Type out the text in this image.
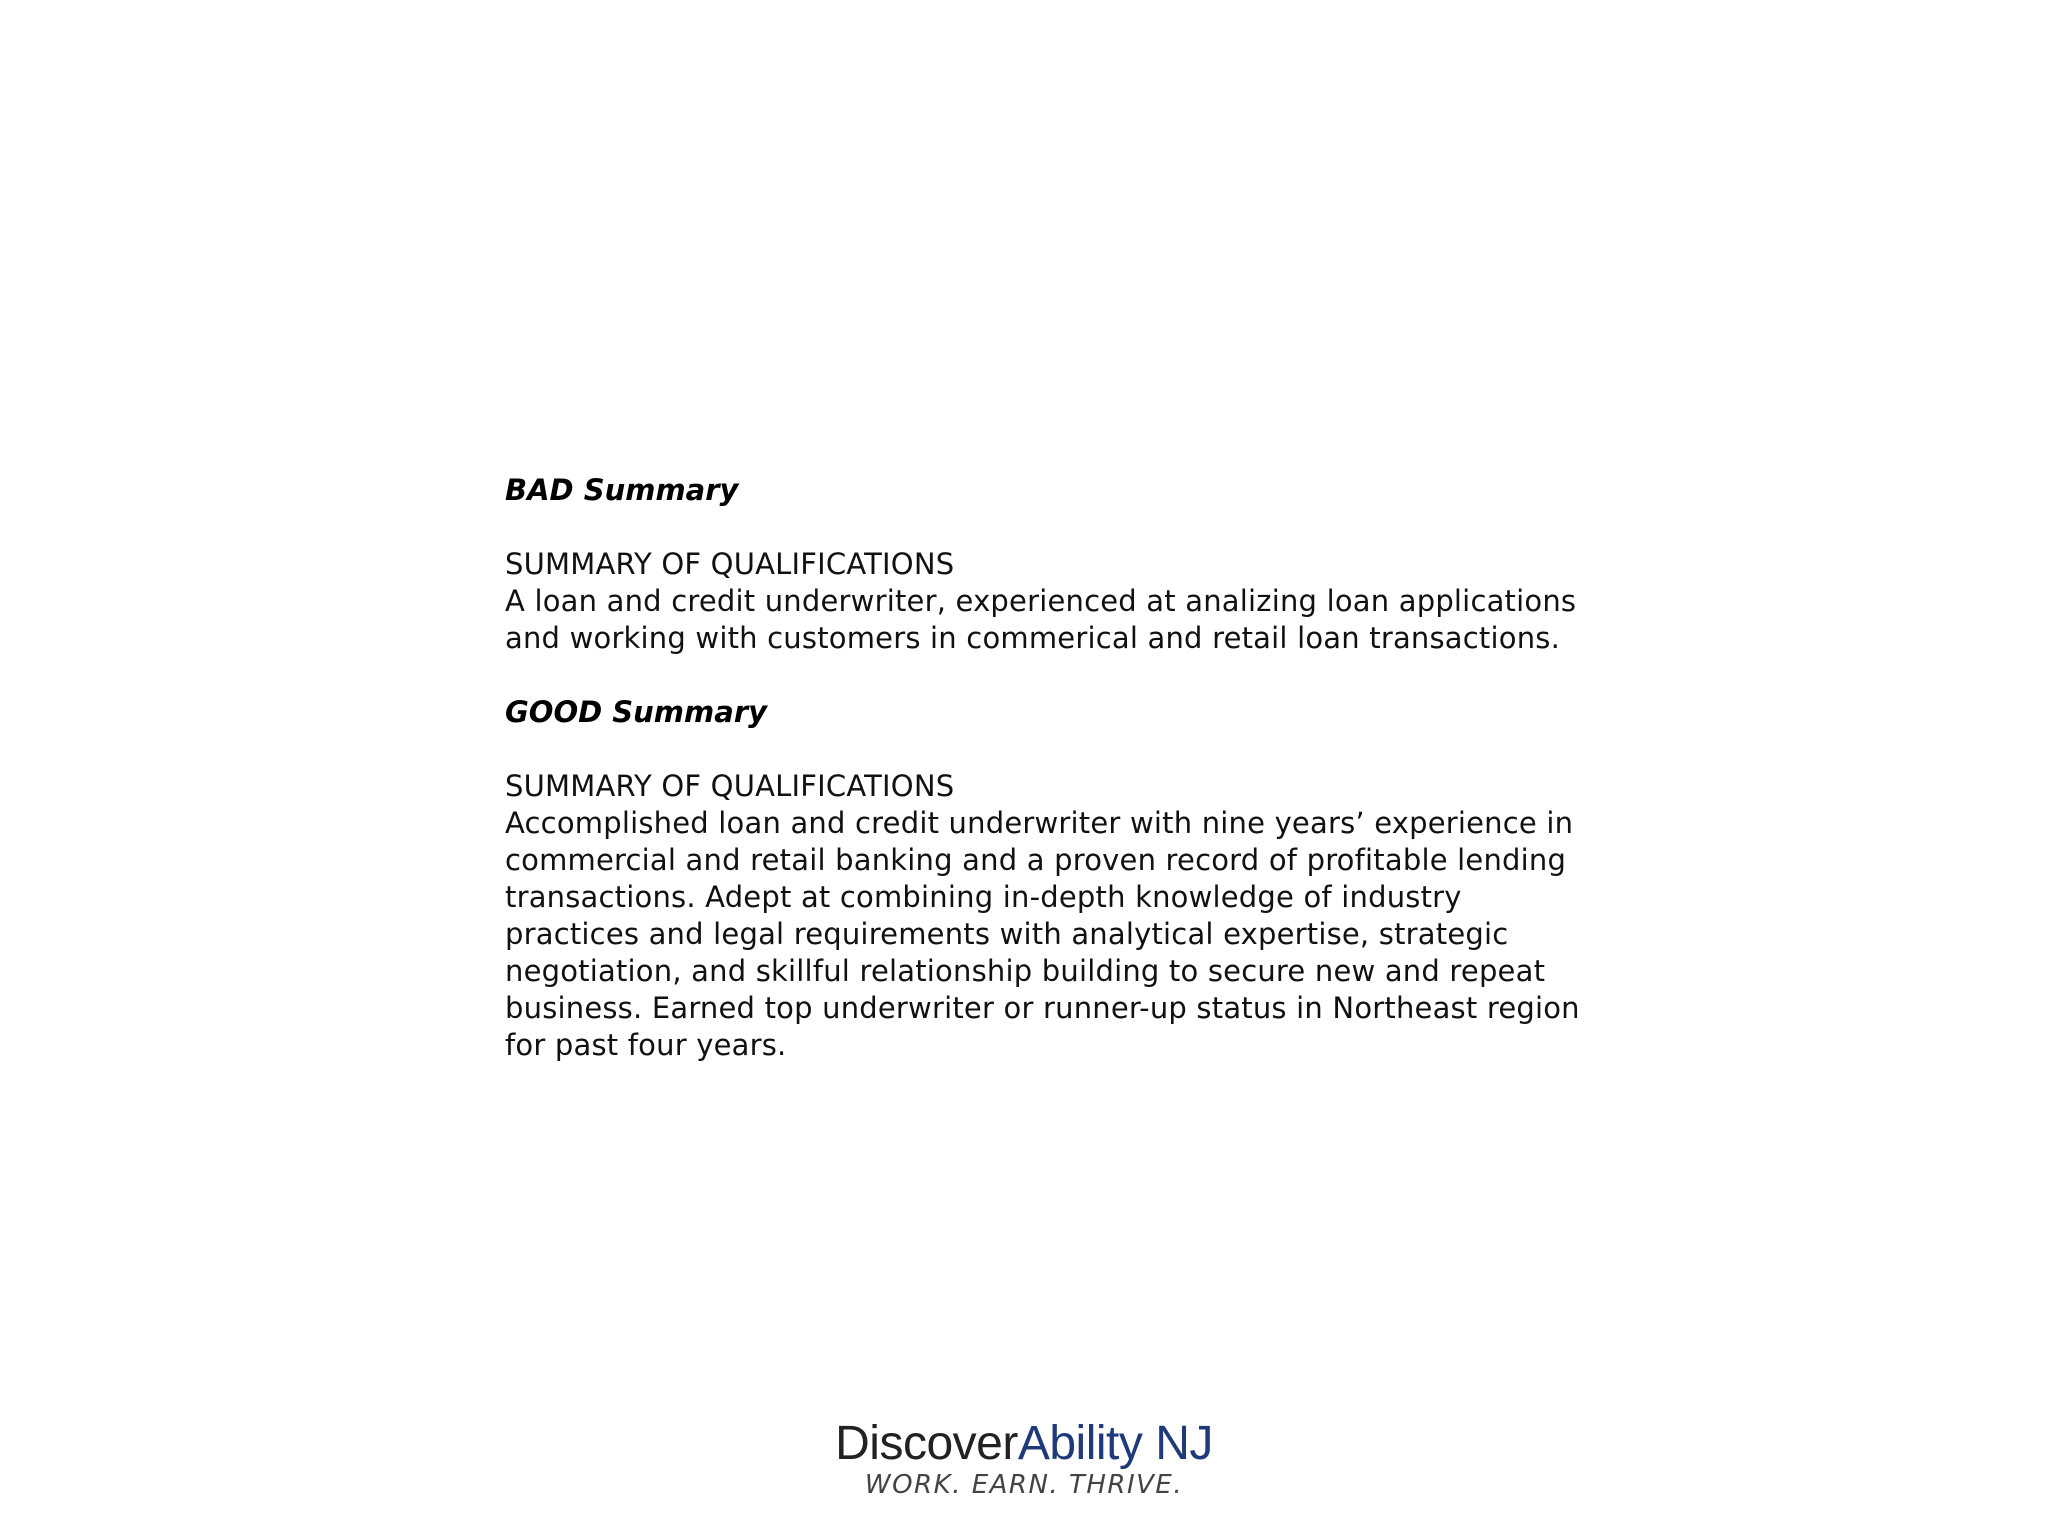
BAD Summary
SUMMARY OF QUALIFICATIONS
A loan and credit underwriter, experienced at analizing loan applications
and working with customers in commerical and retail loan transactions.
GOOD Summary
SUMMARY OF QUALIFICATIONS
Accomplished loan and credit underwriter with nine years’ experience in
commercial and retail banking and a proven record of profitable lending
transactions. Adept at combining in-depth knowledge of industry
practices and legal requirements with analytical expertise, strategic
negotiation, and skillful relationship building to secure new and repeat
business. Earned top underwriter or runner-up status in Northeast region
for past four years.
DiscoverAbility NJ
WORK. EARN. THRIVE.
